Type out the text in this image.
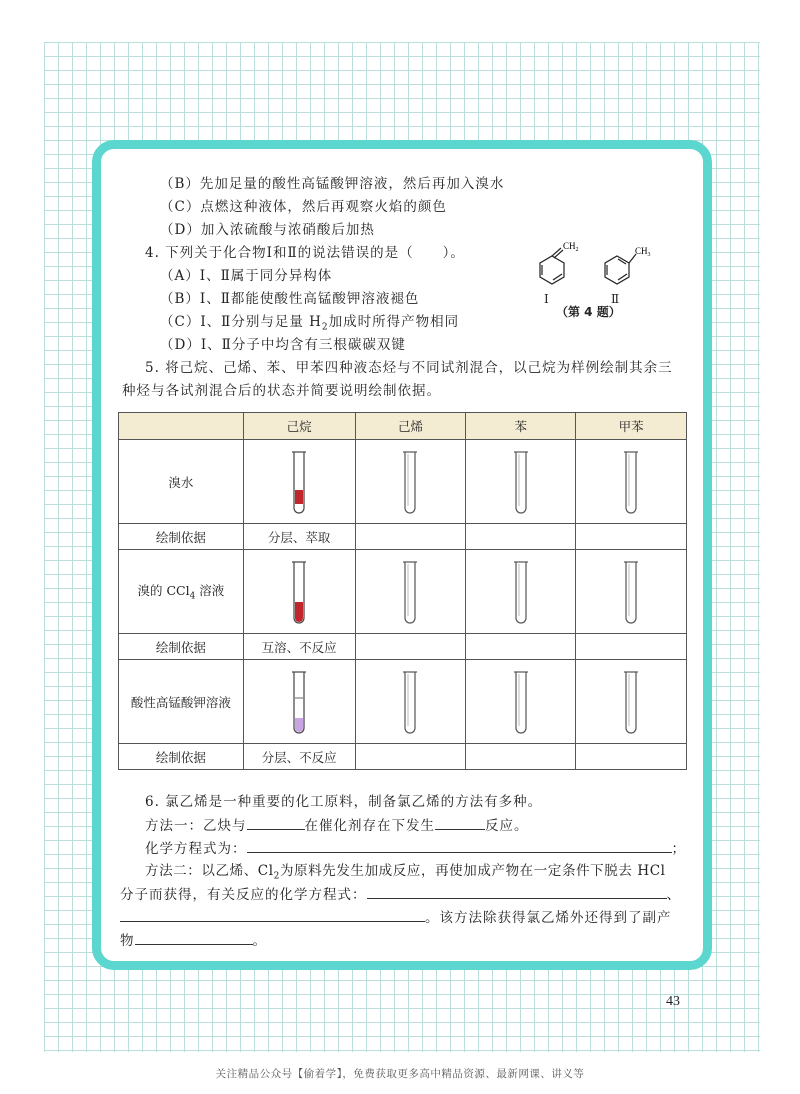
（B）先加足量的酸性高锰酸钾溶液，然后再加入溴水
（C）点燃这种液体，然后再观察火焰的颜色
（D）加入浓硫酸与浓硝酸后加热
4. 下列关于化合物Ⅰ和Ⅱ的说法错误的是（　　）。
（A）Ⅰ、Ⅱ属于同分异构体
（B）Ⅰ、Ⅱ都能使酸性高锰酸钾溶液褪色
（C）Ⅰ、Ⅱ分别与足量 $H_2$加成时所得产物相同
（D）Ⅰ、Ⅱ分子中均含有三根碳碳双键
$CH_2$	$CH_3$
Ⅰ	Ⅱ
（第 4 题）
5. 将己烷、己烯、苯、甲苯四种液态烃与不同试剂混合，以己烷为样例绘制其余三
种烃与各试剂混合后的状态并简要说明绘制依据。
	己烷	己烯	苯	甲苯
溴水	

绘制依据	分层、萃取			
溴的 CCl$_4$ 溶液	

绘制依据	互溶、不反应			
酸性高锰酸钾溶液	

绘制依据	分层、不反应			
6. 氯乙烯是一种重要的化工原料，制备氯乙烯的方法有多种。
方法一：乙炔与	在催化剂存在下发生	反应。
化学方程式为：	；
方法二：以乙烯、$Cl_2$为原料先发生加成反应，再使加成产物在一定条件下脱去 HCl
分子而获得，有关反应的化学方程式：	、
。该方法除获得氯乙烯外还得到了副产
物	。
43
关注精品公众号【偷着学】，免费获取更多高中精品资源、最新网课、讲义等
